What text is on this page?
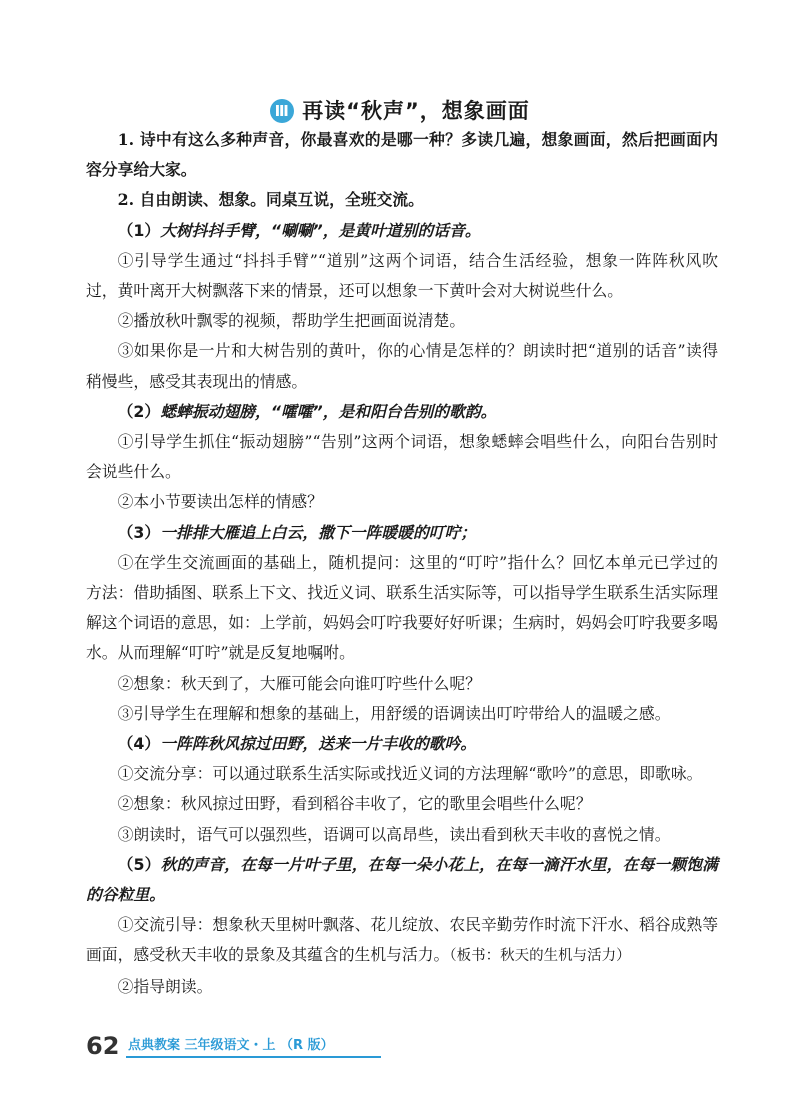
Ⅲ 再读“秋声”，想象画面

1. 诗中有这么多种声音，你最喜欢的是哪一种？多读几遍，想象画面，然后把画面内容分享给大家。

2. 自由朗读、想象。同桌互说，全班交流。

（1）大树抖抖手臂，“唰唰”，是黄叶道别的话音。

①引导学生通过“抖抖手臂”“道别”这两个词语，结合生活经验，想象一阵阵秋风吹过，黄叶离开大树飘落下来的情景，还可以想象一下黄叶会对大树说些什么。

②播放秋叶飘零的视频，帮助学生把画面说清楚。

③如果你是一片和大树告别的黄叶，你的心情是怎样的？朗读时把“道别的话音”读得稍慢些，感受其表现出的情感。

（2）蟋蟀振动翅膀，“嚯嚯”，是和阳台告别的歌韵。

①引导学生抓住“振动翅膀”“告别”这两个词语，想象蟋蟀会唱些什么，向阳台告别时会说些什么。

②本小节要读出怎样的情感？

（3）一排排大雁追上白云，撒下一阵暖暖的叮咛；

①在学生交流画面的基础上，随机提问：这里的“叮咛”指什么？回忆本单元已学过的方法：借助插图、联系上下文、找近义词、联系生活实际等，可以指导学生联系生活实际理解这个词语的意思，如：上学前，妈妈会叮咛我要好好听课；生病时，妈妈会叮咛我要多喝水。从而理解“叮咛”就是反复地嘱咐。

②想象：秋天到了，大雁可能会向谁叮咛些什么呢？

③引导学生在理解和想象的基础上，用舒缓的语调读出叮咛带给人的温暖之感。

（4）一阵阵秋风掠过田野，送来一片丰收的歌吟。

①交流分享：可以通过联系生活实际或找近义词的方法理解“歌吟”的意思，即歌咏。

②想象：秋风掠过田野，看到稻谷丰收了，它的歌里会唱些什么呢？

③朗读时，语气可以强烈些，语调可以高昂些，读出看到秋天丰收的喜悦之情。

（5）秋的声音，在每一片叶子里，在每一朵小花上，在每一滴汗水里，在每一颗饱满的谷粒里。

①交流引导：想象秋天里树叶飘落、花儿绽放、农民辛勤劳作时流下汗水、稻谷成熟等画面，感受秋天丰收的景象及其蕴含的生机与活力。（板书：秋天的生机与活力）

②指导朗读。

62 点典教案 三年级语文・上 （R 版）
